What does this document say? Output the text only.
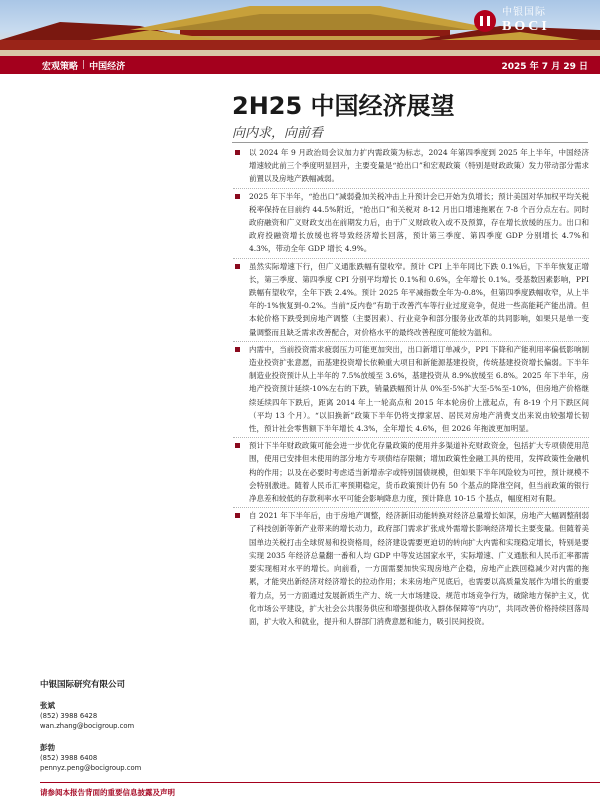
中银国际
BOCI
宏观策略 | 中国经济	2025 年 7 月 29 日
2H25 中国经济展望
向内求，向前看
以 2024 年 9 月政治局会议加力扩内需政策为标志，2024 年第四季度到 2025 年上半年，中国经济增速较此前三个季度明显回升，主要变量是“抢出口”和宏观政策（特别是财政政策）发力带动部分需求前置以及房地产跌幅减弱。
2025 年下半年，“抢出口”减弱叠加关税冲击上升预计会已开始为负增长；预计美国对华加权平均关税税率保持在目前约 44.5%附近，“抢出口”和关税对 8-12 月出口增速拖累在 7-8 个百分点左右。同时政府融资和广义财政支出在前期发力后，由于广义财政收入或不及预算，存在增长放缓的压力。出口和政府投融资增长放缓也将导致经济增长回落，预计第三季度、第四季度 GDP 分别增长 4.7%和 4.3%，带动全年 GDP 增长 4.9%。
虽然实际增速下行，但广义通胀跌幅有望收窄。预计 CPI 上半年同比下跌 0.1%后，下半年恢复正增长，第三季度、第四季度 CPI 分别平均增长 0.1%和 0.6%，全年增长 0.1%。受基数因素影响，PPI 跌幅有望收窄，全年下跌 2.4%。预计 2025 年平减指数全年为-0.8%，但第四季度跌幅收窄，从上半年的-1%恢复到-0.2%。当前“反内卷”有助于改善汽车等行业过度竞争，促进一些高能耗产能出清。但本轮价格下跌受到房地产调整（主要因素）、行业竞争和部分服务业改革的共同影响，如果只是单一变量调整而且缺乏需求改善配合，对价格水平的最终改善程度可能较为温和。
内需中，当前投资需求疲弱压力可能更加突出，出口新增订单减少，PPI 下降和产能利用率偏低影响制造业投资扩张意愿，而基建投资增长依赖重大项目和新能源基建投资，传统基建投资增长偏弱。下半年制造业投资预计从上半年的 7.5%放缓至 3.6%，基建投资从 8.9%放缓至 6.8%。2025 年下半年，房地产投资预计延续-10%左右的下跌，销量跌幅预计从 0%至-5%扩大至-5%至-10%，但房地产价格继续延续四年下跌后，距离 2014 年上一轮高点和 2015 年本轮房价上涨起点，有 8-19 个月下跌区间（平均 13 个月）。“以旧换新”政策下半年仍将支撑家居、居民对房地产消费支出来说由较强增长韧性，预计社会零售额下半年增长 4.3%，全年增长 4.6%，但 2026 年拖波更加明显。
预计下半年财政政策可能会进一步优化存量政策的使用并多渠道补充财政资金，包括扩大专项债使用范围，使用已安排但未使用的部分地方专项债结存限额；增加政策性金融工具的使用，发挥政策性金融机构的作用；以及在必要时考虑适当新增赤字或特别国债规模，但如果下半年风险较为可控，预计规模不会特别激进。随着人民币汇率预期稳定，货币政策预计仍有 50 个基点的降准空间，但当前政策的银行净息差和较低的存款利率水平可能会影响降息力度，预计降息 10-15 个基点，幅度相对有限。
自 2021 年下半年后，由于房地产调整，经济新旧动能转换对经济总量增长如深，房地产大幅调整削弱了科技创新等新产业带来的增长动力，政府部门需求扩张成外需增长影响经济增长主要变量。但随着美国单边关税打击全球贸易和投资格局，经济建设需要更迫切的转向扩大内需和实现稳定增长，特别是要实现 2035 年经济总量翻一番和人均 GDP 中等发达国家水平，实际增速、广义通胀和人民币汇率都需要实现相对水平的增长。向前看，一方面需要加快实现房地产企稳，房地产止跌回稳减少对内需的拖累，才能突出新经济对经济增长的拉动作用；未来房地产见底后，也需要以高质量发展作为增长的重要着力点，另一方面通过发展新质生产力、统一大市场建设、规范市场竞争行为，破除地方保护主义，优化市场公平建设，扩大社会公共服务供应和增强提供收入群体保障等“内功”，共同改善价格持续回落局面，扩大收入和就业，提升和人群部门消费意愿和能力，吸引民间投资。
中银国际研究有限公司
张斌
(852) 3988 6428
wan.zhang@bocigroup.com
彭勃
(852) 3988 6408
pennyz.peng@bocigroup.com
请参阅本报告背面的重要信息披露及声明
